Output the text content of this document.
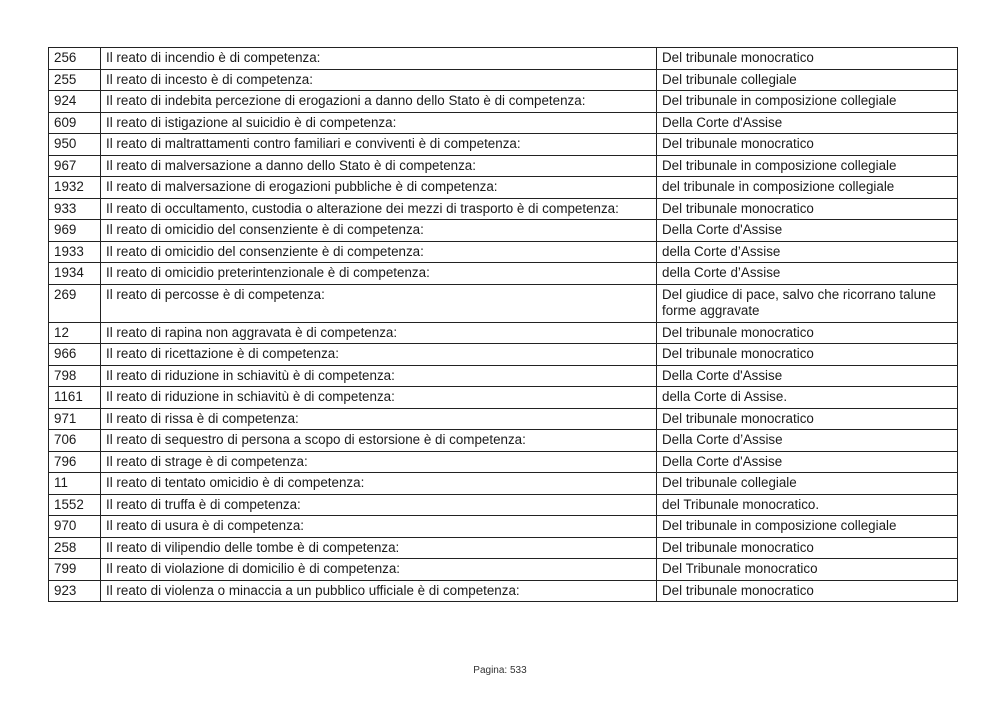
256	Il reato di incendio è di competenza:	Del tribunale monocratico
255	Il reato di incesto è di competenza:	Del tribunale collegiale
924	Il reato di indebita percezione di erogazioni a danno dello Stato è di competenza:	Del tribunale in composizione collegiale
609	Il reato di istigazione al suicidio è di competenza:	Della Corte d'Assise
950	Il reato di maltrattamenti contro familiari e conviventi è di competenza:	Del tribunale monocratico
967	Il reato di malversazione a danno dello Stato è di competenza:	Del tribunale in composizione collegiale
1932	Il reato di malversazione di erogazioni pubbliche è di competenza:	del tribunale in composizione collegiale
933	Il reato di occultamento, custodia o alterazione dei mezzi di trasporto è di competenza:	Del tribunale monocratico
969	Il reato di omicidio del consenziente è di competenza:	Della Corte d'Assise
1933	Il reato di omicidio del consenziente è di competenza:	della Corte d’Assise
1934	Il reato di omicidio preterintenzionale è di competenza:	della Corte d’Assise
269	Il reato di percosse è di competenza:	Del giudice di pace, salvo che ricorrano talune forme aggravate
12	Il reato di rapina non aggravata è di competenza:	Del tribunale monocratico
966	Il reato di ricettazione è di competenza:	Del tribunale monocratico
798	Il reato di riduzione in schiavitù è di competenza:	Della Corte d'Assise
1161	Il reato di riduzione in schiavitù è di competenza:	della Corte di Assise.
971	Il reato di rissa è di competenza:	Del tribunale monocratico
706	Il reato di sequestro di persona a scopo di estorsione è di competenza:	Della Corte d’Assise
796	Il reato di strage è di competenza:	Della Corte d'Assise
11	Il reato di tentato omicidio è di competenza:	Del tribunale collegiale
1552	Il reato di truffa è di competenza:	del Tribunale monocratico.
970	Il reato di usura è di competenza:	Del tribunale in composizione collegiale
258	Il reato di vilipendio delle tombe è di competenza:	Del tribunale monocratico
799	Il reato di violazione di domicilio è di competenza:	Del Tribunale monocratico
923	Il reato di violenza o minaccia a un pubblico ufficiale è di competenza:	Del tribunale monocratico
Pagina: 533
